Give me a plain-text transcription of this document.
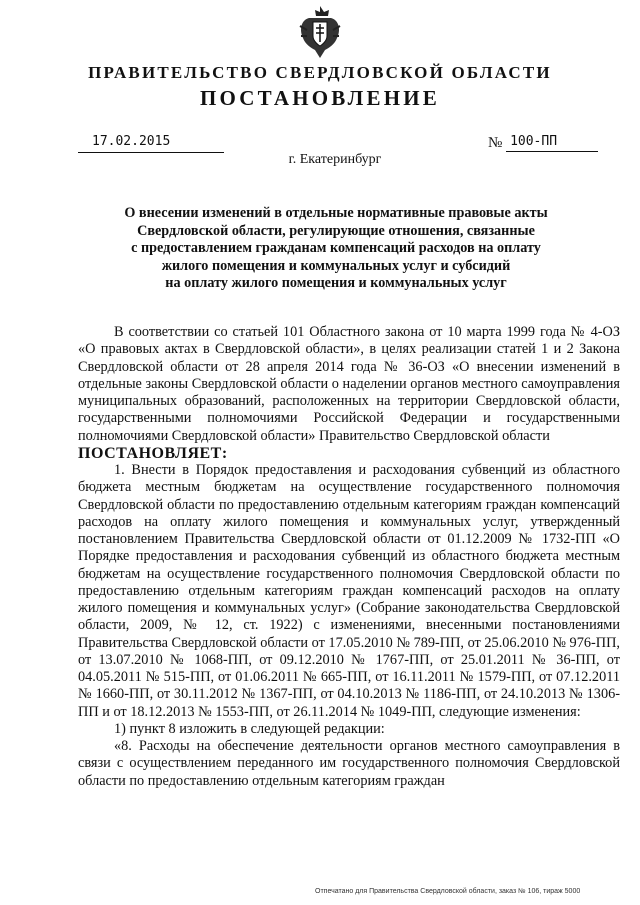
ПРАВИТЕЛЬСТВО СВЕРДЛОВСКОЙ ОБЛАСТИ
ПОСТАНОВЛЕНИЕ
17.02.2015	№ 100-ПП
г. Екатеринбург
О внесении изменений в отдельные нормативные правовые акты
Свердловской области, регулирующие отношения, связанные
с предоставлением гражданам компенсаций расходов на оплату
жилого помещения и коммунальных услуг и субсидий
на оплату жилого помещения и коммунальных услуг

В соответствии со статьей 101 Областного закона от 10 марта 1999 года № 4-ОЗ «О правовых актах в Свердловской области», в целях реализации статей 1 и 2 Закона Свердловской области от 28 апреля 2014 года № 36-ОЗ «О внесении изменений в отдельные законы Свердловской области о наделении органов местного самоуправления муниципальных образований, расположенных на территории Свердловской области, государственными полномочиями Российской Федерации и государственными полномочиями Свердловской области» Правительство Свердловской области

ПОСТАНОВЛЯЕТ:

1. Внести в Порядок предоставления и расходования субвенций из областного бюджета местным бюджетам на осуществление государственного полномочия Свердловской области по предоставлению отдельным категориям граждан компенсаций расходов на оплату жилого помещения и коммунальных услуг, утвержденный постановлением Правительства Свердловской области от 01.12.2009 № 1732-ПП «О Порядке предоставления и расходования субвенций из областного бюджета местным бюджетам на осуществление государственного полномочия Свердловской области по предоставлению отдельным категориям граждан компенсаций расходов на оплату жилого помещения и коммунальных услуг» (Собрание законодательства Свердловской области, 2009, № 12, ст. 1922) с изменениями, внесенными постановлениями Правительства Свердловской области от 17.05.2010 № 789-ПП, от 25.06.2010 № 976-ПП, от 13.07.2010 № 1068-ПП, от 09.12.2010 № 1767-ПП, от 25.01.2011 № 36-ПП, от 04.05.2011 № 515-ПП, от 01.06.2011 № 665-ПП, от 16.11.2011 № 1579-ПП, от 07.12.2011 № 1660-ПП, от 30.11.2012 № 1367-ПП, от 04.10.2013 № 1186-ПП, от 24.10.2013 № 1306-ПП и от 18.12.2013 № 1553-ПП, от 26.11.2014 № 1049-ПП, следующие изменения:

1) пункт 8 изложить в следующей редакции:

«8. Расходы на обеспечение деятельности органов местного самоуправления в связи с осуществлением переданного им государственного полномочия Свердловской области по предоставлению отдельным категориям граждан

Отпечатано для Правительства Свердловской области, заказ № 106, тираж 5000
